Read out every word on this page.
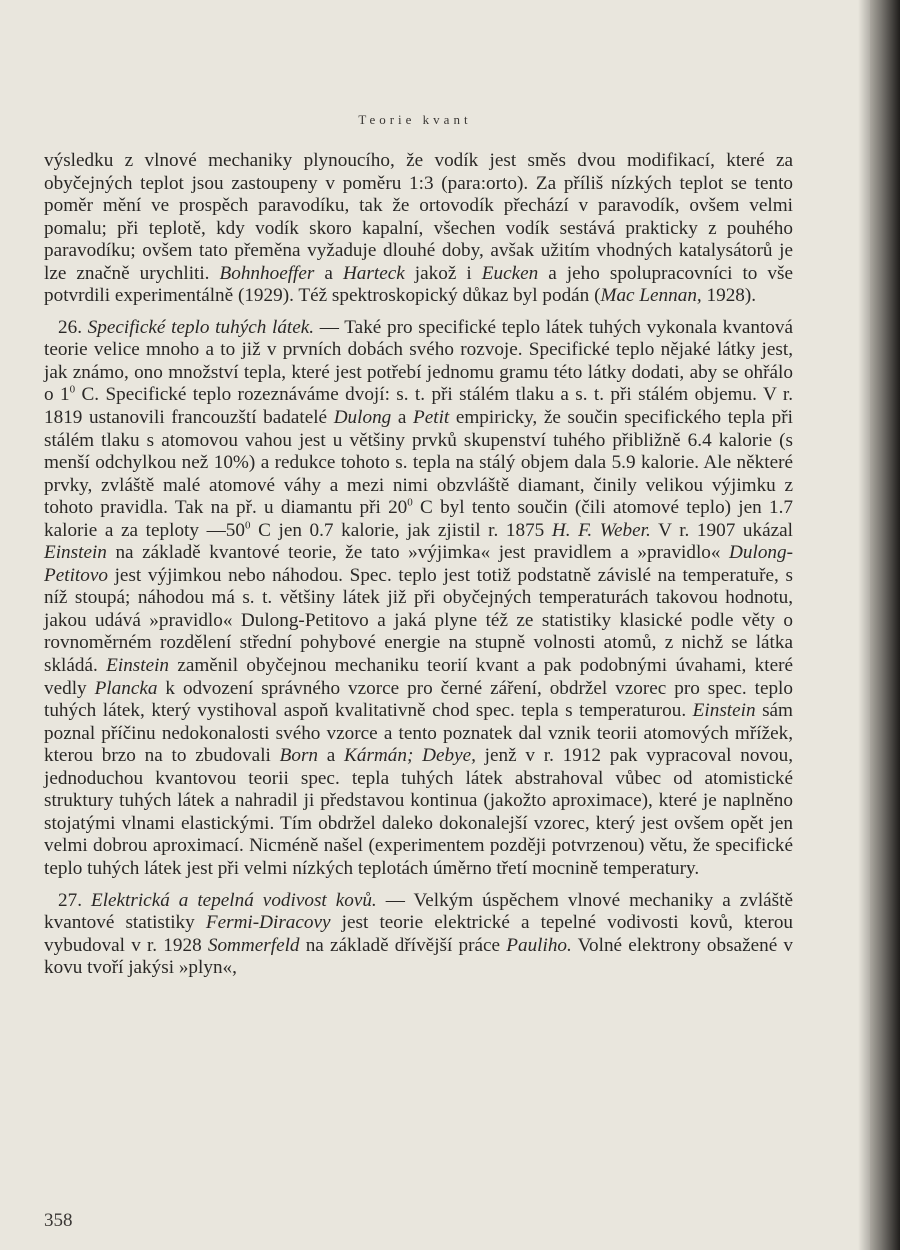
Teorie kvant

výsledku z vlnové mechaniky plynoucího, že vodík jest směs dvou modifikací, které za obyčejných teplot jsou zastoupeny v poměru 1:3 (para:orto). Za příliš nízkých teplot se tento poměr mění ve prospěch paravodíku, tak že ortovodík přechází v paravodík, ovšem velmi pomalu; při teplotě, kdy vodík skoro kapalní, všechen vodík sestává prakticky z pouhého paravodíku; ovšem tato přeměna vyžaduje dlouhé doby, avšak užitím vhodných katalysátorů je lze značně urychliti. Bohnhoeffer a Harteck jakož i Eucken a jeho spolupracovníci to vše potvrdili experimentálně (1929). Též spektroskopický důkaz byl podán (Mac Lennan, 1928).

26. Specifické teplo tuhých látek. — Také pro specifické teplo látek tuhých vykonala kvantová teorie velice mnoho a to již v prvních dobách svého rozvoje. Specifické teplo nějaké látky jest, jak známo, ono množství tepla, které jest potřebí jednomu gramu této látky dodati, aby se ohřálo o $1^0$ C. Specifické teplo rozeznáváme dvojí: s. t. při stálém tlaku a s. t. při stálém objemu. V r. 1819 ustanovili francouzští badatelé Dulong a Petit empiricky, že součin specifického tepla při stálém tlaku s atomovou vahou jest u většiny prvků skupenství tuhého přibližně 6.4 kalorie (s menší odchylkou než 10%) a redukce tohoto s. tepla na stálý objem dala 5.9 kalorie. Ale některé prvky, zvláště malé atomové váhy a mezi nimi obzvláště diamant, činily velikou výjimku z tohoto pravidla. Tak na př. u diamantu při $20^0$ C byl tento součin (čili atomové teplo) jen 1.7 kalorie a za teploty $—50^0$ C jen 0.7 kalorie, jak zjistil r. 1875 H. F. Weber. V r. 1907 ukázal Einstein na základě kvantové teorie, že tato »výjimka« jest pravidlem a »pravidlo« Dulong-Petitovo jest výjimkou nebo náhodou. Spec. teplo jest totiž podstatně závislé na temperatuře, s níž stoupá; náhodou má s. t. většiny látek již při obyčejných temperaturách takovou hodnotu, jakou udává »pravidlo« Dulong-Petitovo a jaká plyne též ze statistiky klasické podle věty o rovnoměrném rozdělení střední pohybové energie na stupně volnosti atomů, z nichž se látka skládá. Einstein zaměnil obyčejnou mechaniku teorií kvant a pak podobnými úvahami, které vedly Plancka k odvození správného vzorce pro černé záření, obdržel vzorec pro spec. teplo tuhých látek, který vystihoval aspoň kvalitativně chod spec. tepla s temperaturou. Einstein sám poznal příčinu nedokonalosti svého vzorce a tento poznatek dal vznik teorii atomových mřížek, kterou brzo na to zbudovali Born a Kármán; Debye, jenž v r. 1912 pak vypracoval novou, jednoduchou kvantovou teorii spec. tepla tuhých látek abstrahoval vůbec od atomistické struktury tuhých látek a nahradil ji představou kontinua (jakožto aproximace), které je naplněno stojatými vlnami elastickými. Tím obdržel daleko dokonalejší vzorec, který jest ovšem opět jen velmi dobrou aproximací. Nicméně našel (experimentem později potvrzenou) větu, že specifické teplo tuhých látek jest při velmi nízkých teplotách úměrno třetí mocnině temperatury.

27. Elektrická a tepelná vodivost kovů. — Velkým úspěchem vlnové mechaniky a zvláště kvantové statistiky Fermi-Diracovy jest teorie elektrické a tepelné vodivosti kovů, kterou vybudoval v r. 1928 Sommerfeld na základě dřívější práce Pauliho. Volné elektrony obsažené v kovu tvoří jakýsi »plyn«,

358
